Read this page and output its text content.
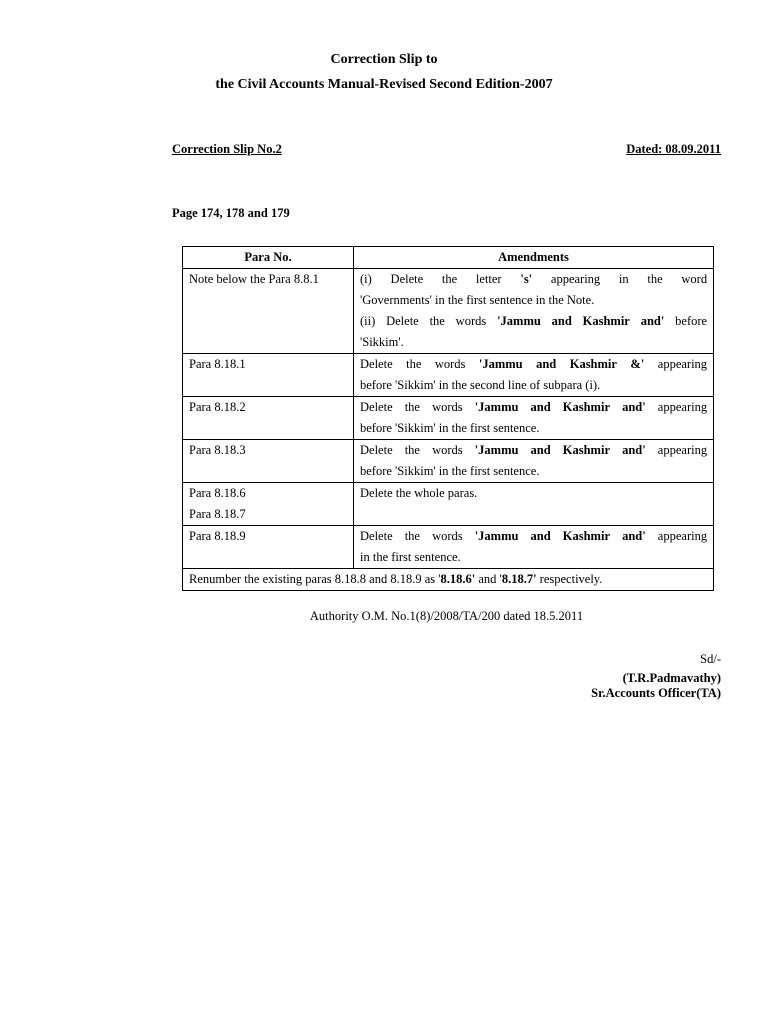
Correction Slip to
the Civil Accounts Manual-Revised Second Edition-2007
Correction Slip No.2	Dated: 08.09.2011
Page 174, 178 and 179
Para No.	Amendments

Note below the Para 8.8.1	(i) Delete the letter 's' appearing in the word
'Governments' in the first sentence in the Note.
(ii) Delete the words 'Jammu and Kashmir and' before
'Sikkim'.

Para 8.18.1	Delete the words 'Jammu and Kashmir &' appearing
before 'Sikkim' in the second line of subpara (i).

Para 8.18.2	Delete the words 'Jammu and Kashmir and' appearing
before 'Sikkim' in the first sentence.

Para 8.18.3	Delete the words 'Jammu and Kashmir and' appearing
before 'Sikkim' in the first sentence.

Para 8.18.6
Para 8.18.7	Delete the whole paras.

Para 8.18.9	Delete the words 'Jammu and Kashmir and' appearing
in the first sentence.

Renumber the existing paras 8.18.8 and 8.18.9 as '8.18.6' and '8.18.7' respectively.	
Authority O.M. No.1(8)/2008/TA/200 dated 18.5.2011
Sd/-
(T.R.Padmavathy)
Sr.Accounts Officer(TA)
